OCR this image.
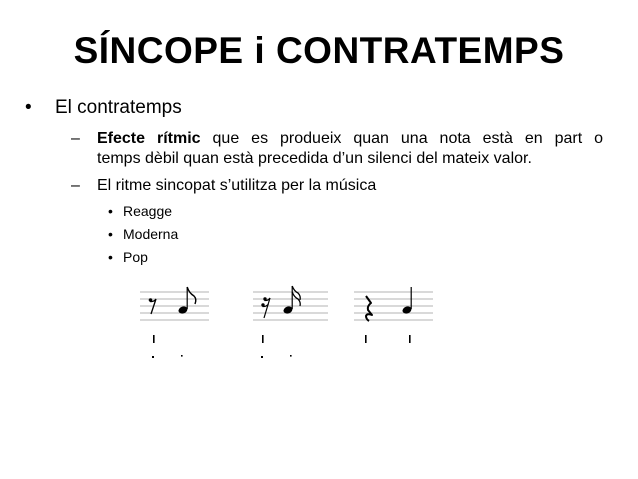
SÍNCOPE i CONTRATEMPS
• El contratemps
– Efecte rítmic que es produeix quan una nota està en part o
temps dèbil quan està precedida d’un silenci del mateix valor.
– El ritme sincopat s’utilitza per la música
• Reagge
• Moderna
• Pop
